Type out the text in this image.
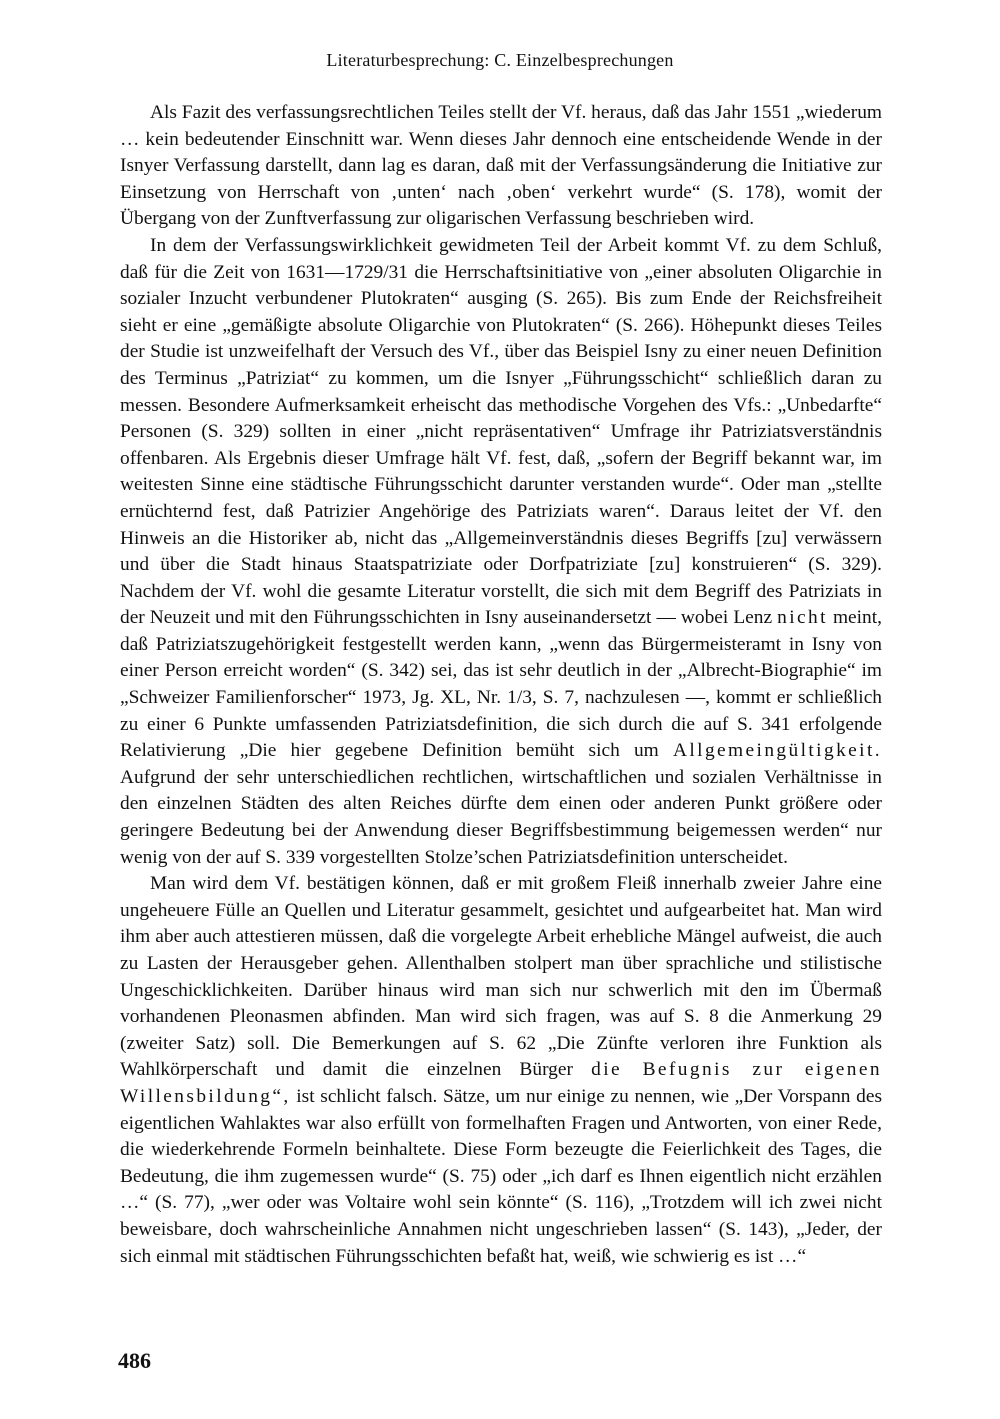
Literaturbesprechung: C. Einzelbesprechungen

Als Fazit des verfassungsrechtlichen Teiles stellt der Vf. heraus, daß das Jahr 1551 „wiederum … kein bedeutender Einschnitt war. Wenn dieses Jahr dennoch eine entscheidende Wende in der Isnyer Verfassung darstellt, dann lag es daran, daß mit der Verfassungsänderung die Initiative zur Einsetzung von Herrschaft von ‚unten‘ nach ‚oben‘ verkehrt wurde“ (S. 178), womit der Übergang von der Zunftverfassung zur oligarischen Verfassung beschrieben wird.

In dem der Verfassungswirklichkeit gewidmeten Teil der Arbeit kommt Vf. zu dem Schluß, daß für die Zeit von 1631—1729/31 die Herrschaftsinitiative von „einer absoluten Oligarchie in sozialer Inzucht verbundener Plutokraten“ ausging (S. 265). Bis zum Ende der Reichsfreiheit sieht er eine „gemäßigte absolute Oligarchie von Plutokraten“ (S. 266). Höhepunkt dieses Teiles der Studie ist unzweifelhaft der Versuch des Vf., über das Beispiel Isny zu einer neuen Definition des Terminus „Patriziat“ zu kommen, um die Isnyer „Führungsschicht“ schließlich daran zu messen. Besondere Aufmerksamkeit erheischt das methodische Vorgehen des Vfs.: „Unbedarfte“ Personen (S. 329) sollten in einer „nicht repräsentativen“ Umfrage ihr Patriziatsverständnis offenbaren. Als Ergebnis dieser Umfrage hält Vf. fest, daß, „sofern der Begriff bekannt war, im weitesten Sinne eine städtische Führungsschicht darunter verstanden wurde“. Oder man „stellte ernüchternd fest, daß Patrizier Angehörige des Patriziats waren“. Daraus leitet der Vf. den Hinweis an die Historiker ab, nicht das „Allgemeinverständnis dieses Begriffs [zu] verwässern und über die Stadt hinaus Staatspatriziate oder Dorfpatriziate [zu] konstruieren“ (S. 329). Nachdem der Vf. wohl die gesamte Literatur vorstellt, die sich mit dem Begriff des Patriziats in der Neuzeit und mit den Führungsschichten in Isny auseinandersetzt — wobei Lenz nicht meint, daß Patriziatszugehörigkeit festgestellt werden kann, „wenn das Bürgermeisteramt in Isny von einer Person erreicht worden“ (S. 342) sei, das ist sehr deutlich in der „Albrecht-Biographie“ im „Schweizer Familienforscher“ 1973, Jg. XL, Nr. 1/3, S. 7, nachzulesen —, kommt er schließlich zu einer 6 Punkte umfassenden Patriziatsdefinition, die sich durch die auf S. 341 erfolgende Relativierung „Die hier gegebene Definition bemüht sich um Allgemeingültigkeit. Aufgrund der sehr unterschiedlichen rechtlichen, wirtschaftlichen und sozialen Verhältnisse in den einzelnen Städten des alten Reiches dürfte dem einen oder anderen Punkt größere oder geringere Bedeutung bei der Anwendung dieser Begriffsbestimmung beigemessen werden“ nur wenig von der auf S. 339 vorgestellten Stolze’schen Patriziatsdefinition unterscheidet.

Man wird dem Vf. bestätigen können, daß er mit großem Fleiß innerhalb zweier Jahre eine ungeheuere Fülle an Quellen und Literatur gesammelt, gesichtet und aufgearbeitet hat. Man wird ihm aber auch attestieren müssen, daß die vorgelegte Arbeit erhebliche Mängel aufweist, die auch zu Lasten der Herausgeber gehen. Allenthalben stolpert man über sprachliche und stilistische Ungeschicklichkeiten. Darüber hinaus wird man sich nur schwerlich mit den im Übermaß vorhandenen Pleonasmen abfinden. Man wird sich fragen, was auf S. 8 die Anmerkung 29 (zweiter Satz) soll. Die Bemerkungen auf S. 62 „Die Zünfte verloren ihre Funktion als Wahlkörperschaft und damit die einzelnen Bürger die Befugnis zur eigenen Willensbildung“, ist schlicht falsch. Sätze, um nur einige zu nennen, wie „Der Vorspann des eigentlichen Wahlaktes war also erfüllt von formelhaften Fragen und Antworten, von einer Rede, die wiederkehrende Formeln beinhaltete. Diese Form bezeugte die Feierlichkeit des Tages, die Bedeutung, die ihm zugemessen wurde“ (S. 75) oder „ich darf es Ihnen eigentlich nicht erzählen …“ (S. 77), „wer oder was Voltaire wohl sein könnte“ (S. 116), „Trotzdem will ich zwei nicht beweisbare, doch wahrscheinliche Annahmen nicht ungeschrieben lassen“ (S. 143), „Jeder, der sich einmal mit städtischen Führungsschichten befaßt hat, weiß, wie schwierig es ist …“

486
